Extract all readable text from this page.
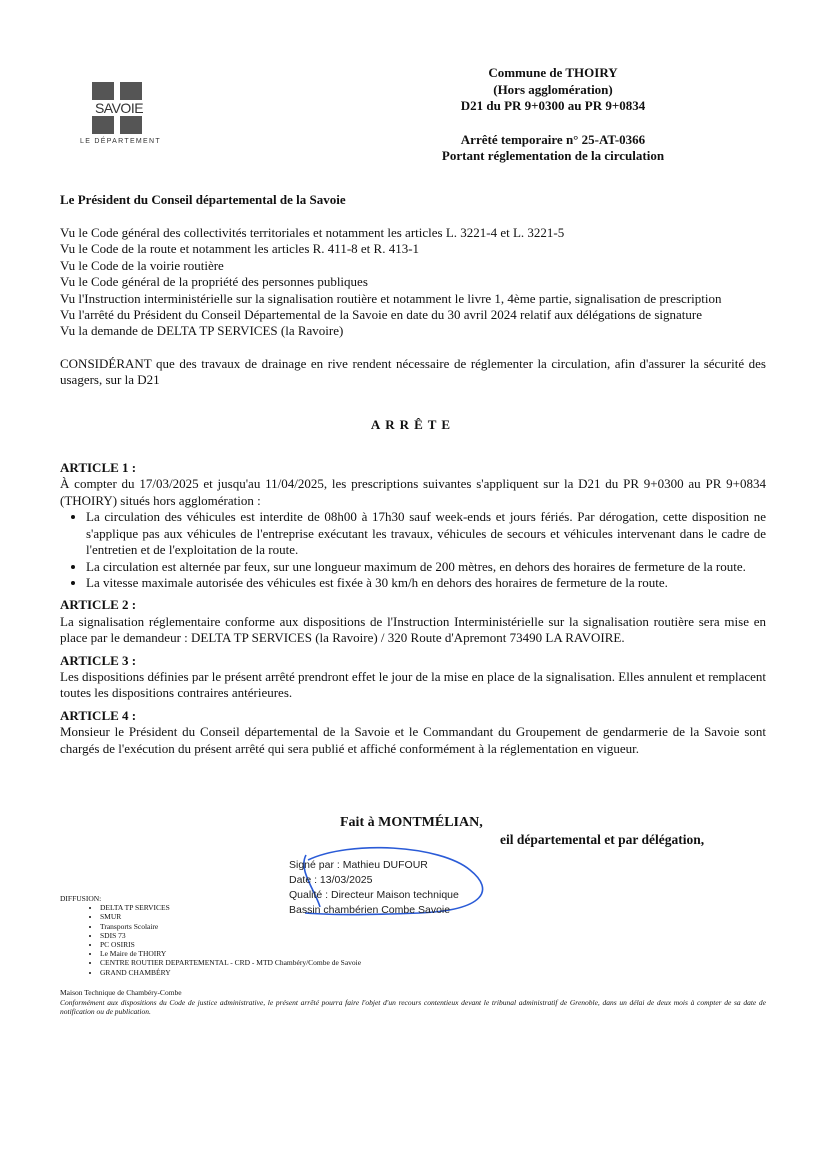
SAVOIE
LE DÉPARTEMENT
Commune de THOIRY
(Hors agglomération)
D21 du PR 9+0300 au PR 9+0834
Arrêté temporaire n° 25-AT-0366
Portant réglementation de la circulation
Le Président du Conseil départemental de la Savoie
Vu le Code général des collectivités territoriales et notamment les articles L. 3221-4 et L. 3221-5
Vu le Code de la route et notamment les articles R. 411-8 et R. 413-1
Vu le Code de la voirie routière
Vu le Code général de la propriété des personnes publiques
Vu l'Instruction interministérielle sur la signalisation routière et notamment le livre 1, 4ème partie, signalisation de prescription
Vu l'arrêté du Président du Conseil Départemental de la Savoie en date du 30 avril 2024 relatif aux délégations de signature
Vu la demande de DELTA TP SERVICES (la Ravoire)
CONSIDÉRANT que des travaux de drainage en rive rendent nécessaire de réglementer la circulation, afin d'assurer la sécurité des usagers, sur la D21
ARRÊTE
ARTICLE 1 :
À compter du 17/03/2025 et jusqu'au 11/04/2025, les prescriptions suivantes s'appliquent sur la D21 du PR 9+0300 au PR 9+0834 (THOIRY) situés hors agglomération :
• La circulation des véhicules est interdite de 08h00 à 17h30 sauf week-ends et jours fériés. Par dérogation, cette disposition ne s'applique pas aux véhicules de l'entreprise exécutant les travaux, véhicules de secours et véhicules intervenant dans le cadre de l'entretien et de l'exploitation de la route.
• La circulation est alternée par feux, sur une longueur maximum de 200 mètres, en dehors des horaires de fermeture de la route.
• La vitesse maximale autorisée des véhicules est fixée à 30 km/h en dehors des horaires de fermeture de la route.
ARTICLE 2 :
La signalisation réglementaire conforme aux dispositions de l'Instruction Interministérielle sur la signalisation routière sera mise en place par le demandeur : DELTA TP SERVICES (la Ravoire) / 320 Route d'Apremont 73490 LA RAVOIRE.
ARTICLE 3 :
Les dispositions définies par le présent arrêté prendront effet le jour de la mise en place de la signalisation. Elles annulent et remplacent toutes les dispositions contraires antérieures.
ARTICLE 4 :
Monsieur le Président du Conseil départemental de la Savoie et le Commandant du Groupement de gendarmerie de la Savoie sont chargés de l'exécution du présent arrêté qui sera publié et affiché conformément à la réglementation en vigueur.
Fait à MONTMÉLIAN,
eil départemental et par délégation,
Signé par : Mathieu DUFOUR
Date : 13/03/2025
Qualité : Directeur Maison technique
Bassin chambérien Combe Savoie
DIFFUSION:
• DELTA TP SERVICES
• SMUR
• Transports Scolaire
• SDIS 73
• PC OSIRIS
• Le Maire de THOIRY
• CENTRE ROUTIER DEPARTEMENTAL - CRD - MTD Chambéry/Combe de Savoie
• GRAND CHAMBÉRY
Maison Technique de Chambéry-Combe
Conformément aux dispositions du Code de justice administrative, le présent arrêté pourra faire l'objet d'un recours contentieux devant le tribunal administratif de Grenoble, dans un délai de deux mois à compter de sa date de notification ou de publication.
